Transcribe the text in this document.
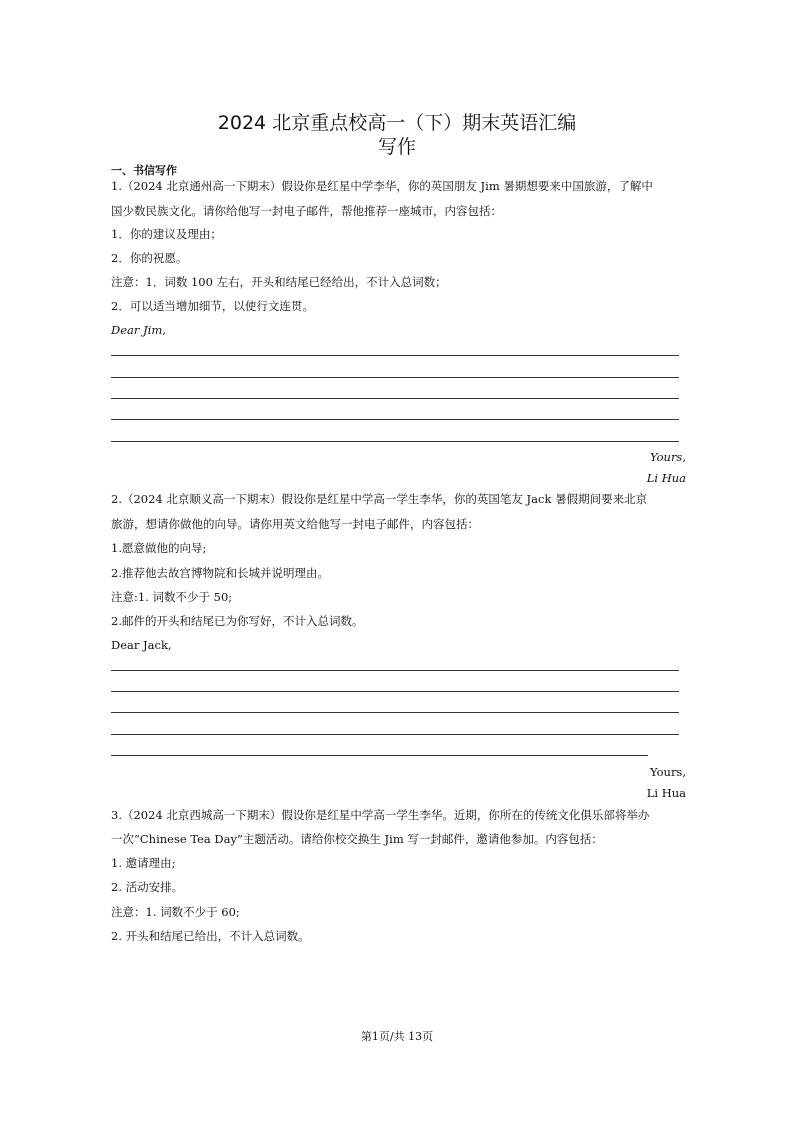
2024 北京重点校高一（下）期末英语汇编
写作
一、书信写作
1.（2024 北京通州高一下期末）假设你是红星中学李华，你的英国朋友 Jim 暑期想要来中国旅游，了解中
国少数民族文化。请你给他写一封电子邮件，帮他推荐一座城市，内容包括：
1．你的建议及理由；
2．你的祝愿。
注意：1．词数 100 左右，开头和结尾已经给出，不计入总词数；
2．可以适当增加细节，以使行文连贯。
Dear Jim,
Yours,
Li Hua
2.（2024 北京顺义高一下期末）假设你是红星中学高一学生李华，你的英国笔友 Jack 暑假期间要来北京
旅游，想请你做他的向导。请你用英文给他写一封电子邮件，内容包括：
1.愿意做他的向导;
2.推荐他去故宫博物院和长城并说明理由。
注意:1. 词数不少于 50;
2.邮件的开头和结尾已为你写好，不计入总词数。
Dear Jack,
Yours,
Li Hua
3.（2024 北京西城高一下期末）假设你是红星中学高一学生李华。近期，你所在的传统文化俱乐部将举办
一次“Chinese Tea Day”主题活动。请给你校交换生 Jim 写一封邮件，邀请他参加。内容包括：
1. 邀请理由;
2. 活动安排。
注意：1. 词数不少于 60;
2. 开头和结尾已给出，不计入总词数。
第1页/共 13页
